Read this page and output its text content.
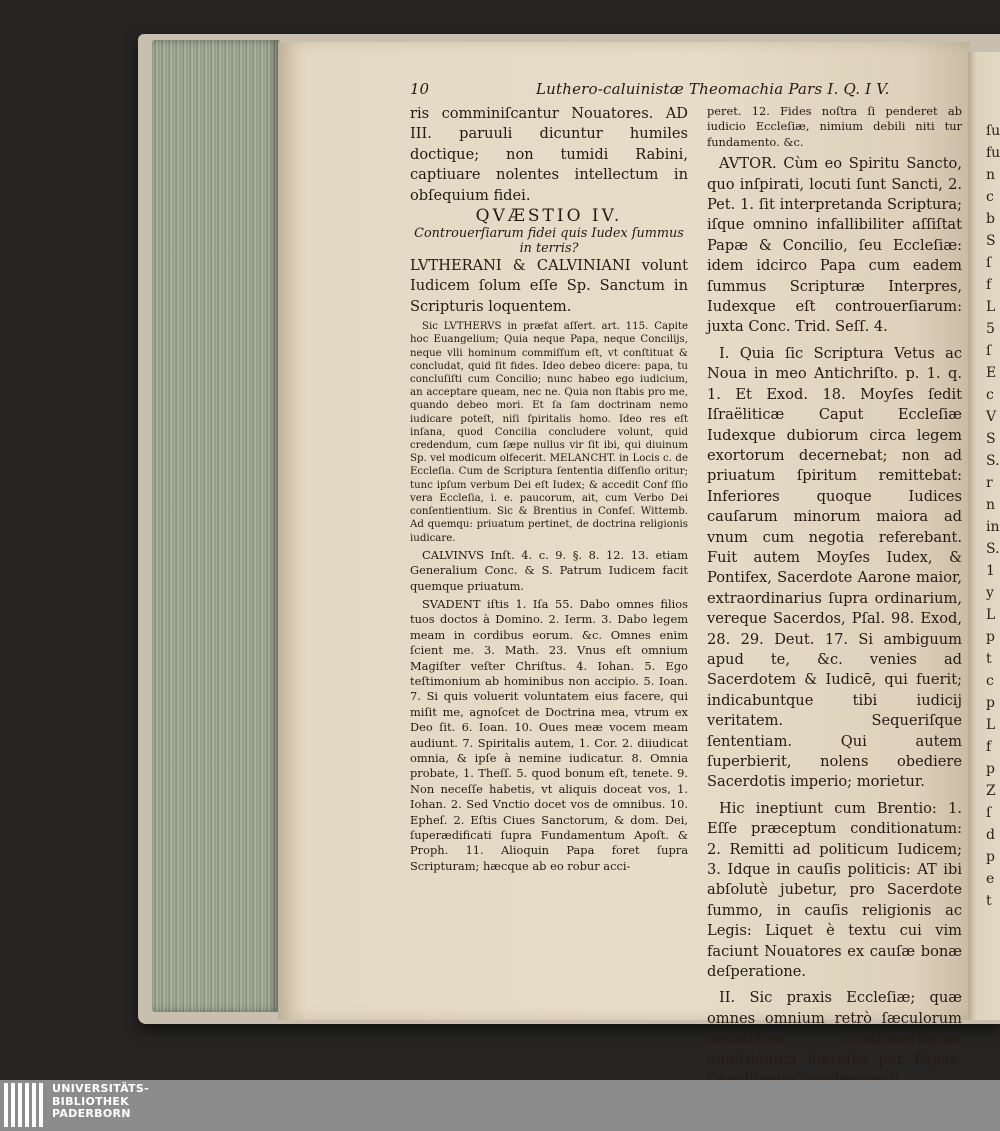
ſu
fu
n
c
b
S
ſ
f
L
5
ſ
E
c
V
S
S.
r
n
in
S.
1
y
L
p
t
c
p
L
f
p
Z
ſ
d
p
e
t
10	Luthero-caluinistæ Theomachia Pars I. Q. I V.

ris comminiſcantur Nouatores. AD III. paruuli dicuntur humiles doctique; non tumidi Rabini, captiuare nolentes intellectum in obſequium fidei.

QVÆSTIO IV.

Controuerſiarum fidei quis Iudex ſummus in terris?

LVTHERANI & CALVINIANI volunt Iudicem ſolum eſſe Sp. Sanctum in Scripturis loquentem.

Sic LVTHERVS in præfat aſſert. art. 115. Capite hoc Euangelium; Quia neque Papa, neque Concilijs, neque vlli hominum commiſſum eſt, vt conſtituat & concludat, quid ſit fides. Ideo debeo dicere: papa, tu concluſiſti cum Concilio; nunc habeo ego iudicium, an acceptare queam, nec ne. Quia non ſtabis pro me, quando debeo mori. Et ſa ſam doctrinam nemo iudicare poteſt, niſi ſpiritalis homo. Ideo res eſt inſana, quod Concilia concludere volunt, quid credendum, cum ſæpe nullus vir ſit ibi, qui diuinum Sp. vel modicum olfecerit. MELANCHT. in Locis c. de Eccleſia. Cum de Scriptura ſententia diſſenſio oritur; tunc ipſum verbum Dei eſt Iudex; & accedit Conf ſſio vera Eccleſia, i. e. paucorum, ait, cum Verbo Dei conſentientium. Sic & Brentius in Confeſ. Wittemb. Ad quemqu: priuatum pertinet, de doctrina religionis iudicare.

CALVINVS Inſt. 4. c. 9. §. 8. 12. 13. etiam Generalium Conc. & S. Patrum Iudicem facit quemque priuatum.

SVADENT iſtis 1. Iſa 55. Dabo omnes filios tuos doctos à Domino. 2. Ierm. 3. Dabo legem meam in cordibus eorum. &c. Omnes enim ſcient me. 3. Math. 23. Vnus eſt omnium Magiſter veſter Chriſtus. 4. Iohan. 5. Ego teſtimonium ab hominibus non accipio. 5. Ioan. 7. Si quis voluerit voluntatem eius facere, qui miſit me, agnoſcet de Doctrina mea, vtrum ex Deo ſit. 6. Ioan. 10. Oues meæ vocem meam audiunt. 7. Spiritalis autem, 1. Cor. 2. diiudicat omnia, & ipſe à nemine iudicatur. 8. Omnia probate, 1. Theſſ. 5. quod bonum eſt, tenete. 9. Non neceſſe habetis, vt aliquis doceat vos, 1. Iohan. 2. Sed Vnctio docet vos de omnibus. 10. Epheſ. 2. Eſtis Ciues Sanctorum, & dom. Dei, ſuperædificati ſupra Fundamentum Apoſt. & Proph. 11. Alioquin Papa foret ſupra Scripturam; hæcque ab eo robur acci-

peret. 12. Fides noſtra ſi penderet ab iudicio Eccleſiæ, nimium debili niti tur fundamento. &c.

AVTOR. Cùm eo Spiritu Sancto, quo inſpirati, locuti ſunt Sancti, 2. Pet. 1. ſit interpretanda Scriptura; iſque omnino infallibiliter aſſiſtat Papæ & Concilio, ſeu Eccleſiæ: idem idcirco Papa cum eadem ſummus Scripturæ Interpres, Iudexque eſt controuerſiarum: juxta Conc. Trid. Seſſ. 4.

I. Quia ſic Scriptura Vetus ac Noua in meo Antichriſto. p. 1. q. 1. Et Exod. 18. Moyſes ſedit Iſraëliticæ Caput Eccleſiæ Iudexque dubiorum circa legem exortorum decernebat; non ad priuatum ſpiritum remittebat: Inferiores quoque Iudices cauſarum minorum maiora ad vnum cum negotia referebant. Fuit autem Moyſes Iudex, & Pontifex, Sacerdote Aarone maior, extraordinarius ſupra ordinarium, vereque Sacerdos, Pſal. 98. Exod, 28. 29. Deut. 17. Si ambiguum apud te, &c. venies ad Sacerdotem & Iudicē, qui fuerit; indicabuntque tibi iudicij veritatem. Sequeriſque ſententiam. Qui autem ſuperbierit, nolens obediere Sacerdotis imperio; morietur.

Hic ineptiunt cum Brentio: 1. Eſſe præceptum conditionatum: 2. Remitti ad politicum Iudicem; 3. Idque in cauſis politicis: AT ibi abſolutè jubetur, pro Sacerdote ſummo, in cauſis religionis ac Legis: Liquet è textu cui vim faciunt Nouatores ex cauſæ bonæ deſperatione.

II. Sic praxis Eccleſiæ; quæ omnes omnium retrò ſæculorum nouatrices controuerſarum quæſtionum hæreſes per Papas,

UNIVERSITÄTS-
BIBLIOTHEK
PADERBORN
